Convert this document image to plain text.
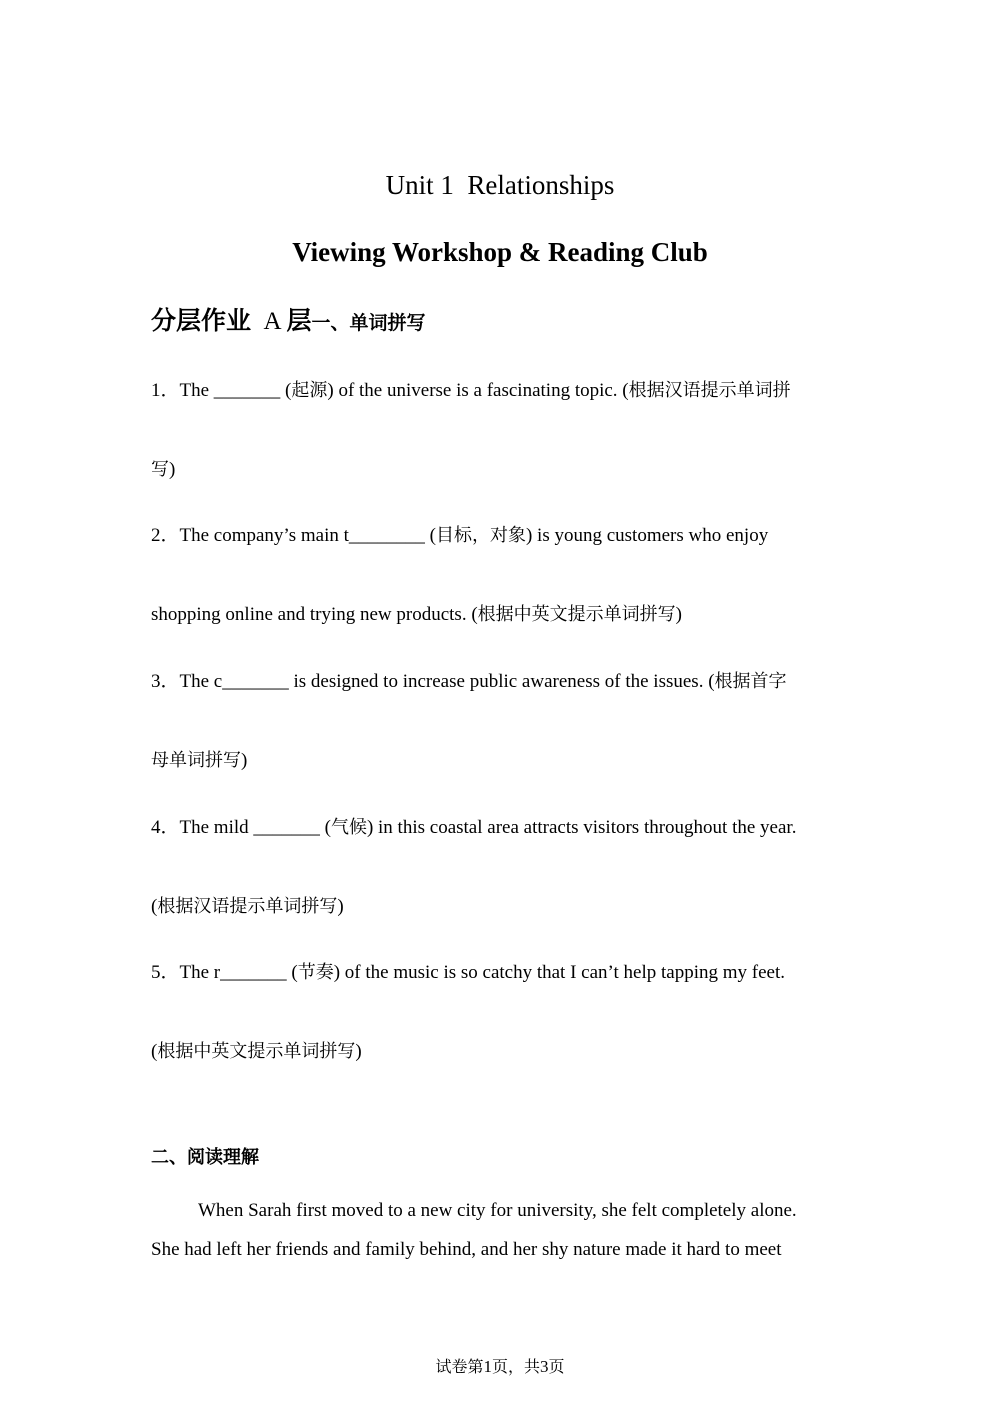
Unit 1  Relationships
Viewing Workshop & Reading Club
分层作业 A 层一、单词拼写
1．The _______ (起源) of the universe is a fascinating topic. (根据汉语提示单词拼
写)
2．The company’s main t________ (目标，对象) is young customers who enjoy
shopping online and trying new products. (根据中英文提示单词拼写)
3．The c_______ is designed to increase public awareness of the issues. (根据首字
母单词拼写)
4．The mild _______ (气候) in this coastal area attracts visitors throughout the year.
(根据汉语提示单词拼写)
5．The r_______ (节奏) of the music is so catchy that I can’t help tapping my feet.
(根据中英文提示单词拼写)
二、阅读理解
When Sarah first moved to a new city for university, she felt completely alone.
She had left her friends and family behind, and her shy nature made it hard to meet
试卷第1页，共3页
